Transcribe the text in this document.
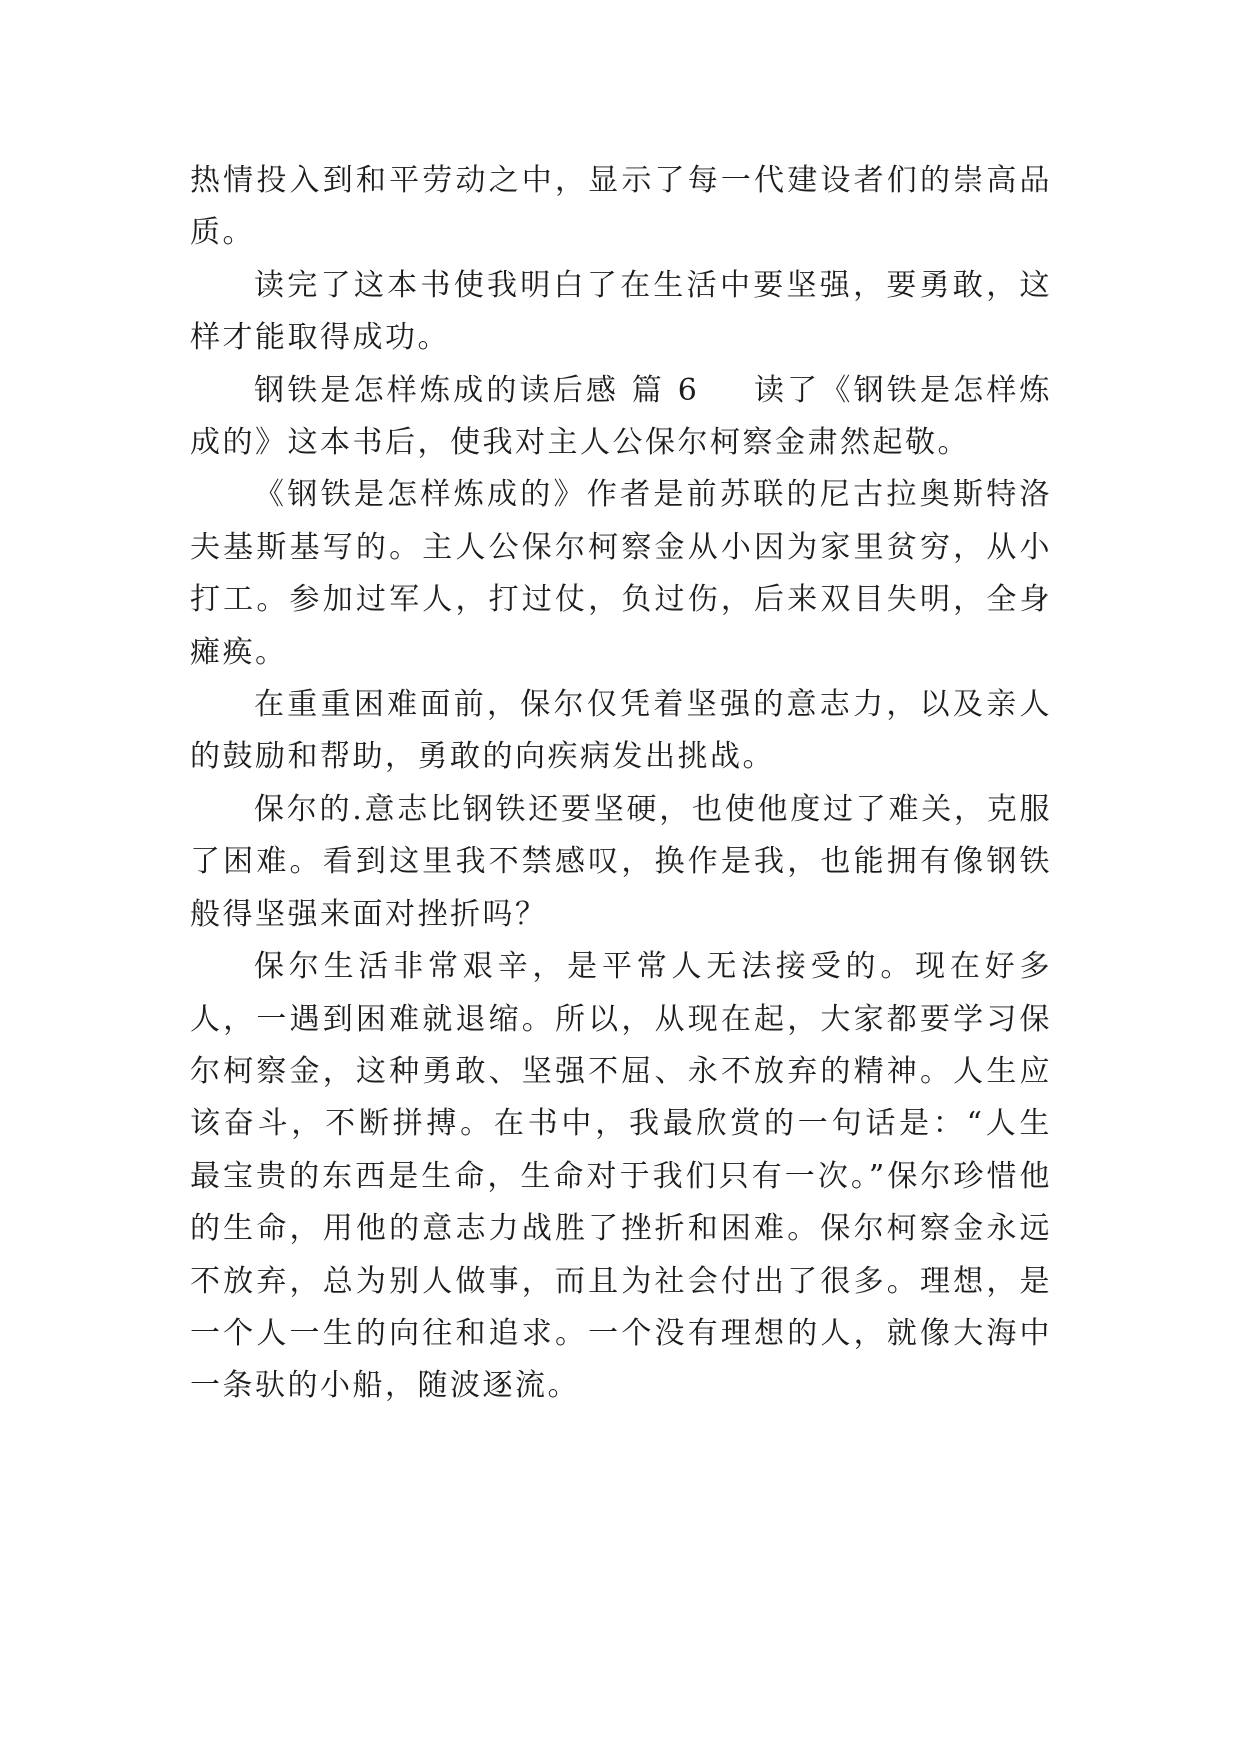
热情投入到和平劳动之中，显示了每一代建设者们的崇高品质。

读完了这本书使我明白了在生活中要坚强，要勇敢，这样才能取得成功。

钢铁是怎样炼成的读后感 篇 6 读了《钢铁是怎样炼成的》这本书后，使我对主人公保尔柯察金肃然起敬。

《钢铁是怎样炼成的》作者是前苏联的尼古拉奥斯特洛夫基斯基写的。主人公保尔柯察金从小因为家里贫穷，从小打工。参加过军人，打过仗，负过伤，后来双目失明，全身瘫痪。

在重重困难面前，保尔仅凭着坚强的意志力，以及亲人的鼓励和帮助，勇敢的向疾病发出挑战。

保尔的.意志比钢铁还要坚硬，也使他度过了难关，克服了困难。看到这里我不禁感叹，换作是我，也能拥有像钢铁般得坚强来面对挫折吗？

保尔生活非常艰辛，是平常人无法接受的。现在好多人，一遇到困难就退缩。所以，从现在起，大家都要学习保尔柯察金，这种勇敢、坚强不屈、永不放弃的精神。人生应该奋斗，不断拼搏。在书中，我最欣赏的一句话是：“人生最宝贵的东西是生命，生命对于我们只有一次。”保尔珍惜他的生命，用他的意志力战胜了挫折和困难。保尔柯察金永远不放弃，总为别人做事，而且为社会付出了很多。理想，是一个人一生的向往和追求。一个没有理想的人，就像大海中一条驮的小船，随波逐流。
